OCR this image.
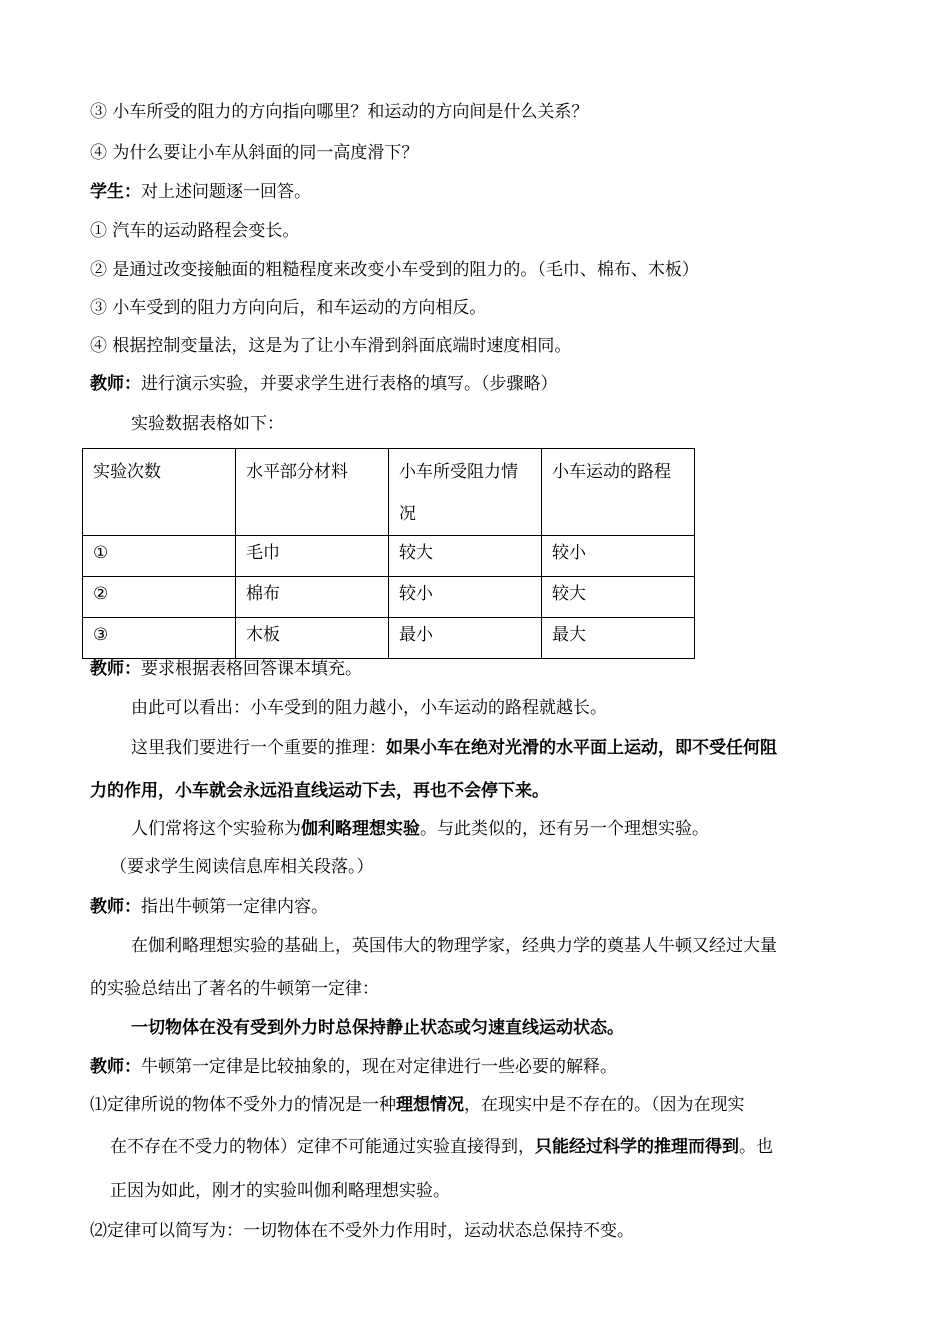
③ 小车所受的阻力的方向指向哪里？和运动的方向间是什么关系？
④ 为什么要让小车从斜面的同一高度滑下？
学生：对上述问题逐一回答。
① 汽车的运动路程会变长。
② 是通过改变接触面的粗糙程度来改变小车受到的阻力的。（毛巾、棉布、木板）
③ 小车受到的阻力方向向后，和车运动的方向相反。
④ 根据控制变量法，这是为了让小车滑到斜面底端时速度相同。
教师：进行演示实验，并要求学生进行表格的填写。（步骤略）
实验数据表格如下：
实验次数	水平部分材料	小车所受阻力情况	小车运动的路程
①	毛巾	较大	较小
②	棉布	较小	较大
③	木板	最小	最大
教师：要求根据表格回答课本填充。
由此可以看出：小车受到的阻力越小，小车运动的路程就越长。
这里我们要进行一个重要的推理：如果小车在绝对光滑的水平面上运动，即不受任何阻
力的作用，小车就会永远沿直线运动下去，再也不会停下来。
人们常将这个实验称为伽利略理想实验。与此类似的，还有另一个理想实验。
（要求学生阅读信息库相关段落。）
教师：指出牛顿第一定律内容。
在伽利略理想实验的基础上，英国伟大的物理学家，经典力学的奠基人牛顿又经过大量
的实验总结出了著名的牛顿第一定律：
一切物体在没有受到外力时总保持静止状态或匀速直线运动状态。
教师：牛顿第一定律是比较抽象的，现在对定律进行一些必要的解释。
⑴定律所说的物体不受外力的情况是一种理想情况，在现实中是不存在的。（因为在现实
在不存在不受力的物体）定律不可能通过实验直接得到，只能经过科学的推理而得到。也
正因为如此，刚才的实验叫伽利略理想实验。
⑵定律可以简写为：一切物体在不受外力作用时，运动状态总保持不变。
